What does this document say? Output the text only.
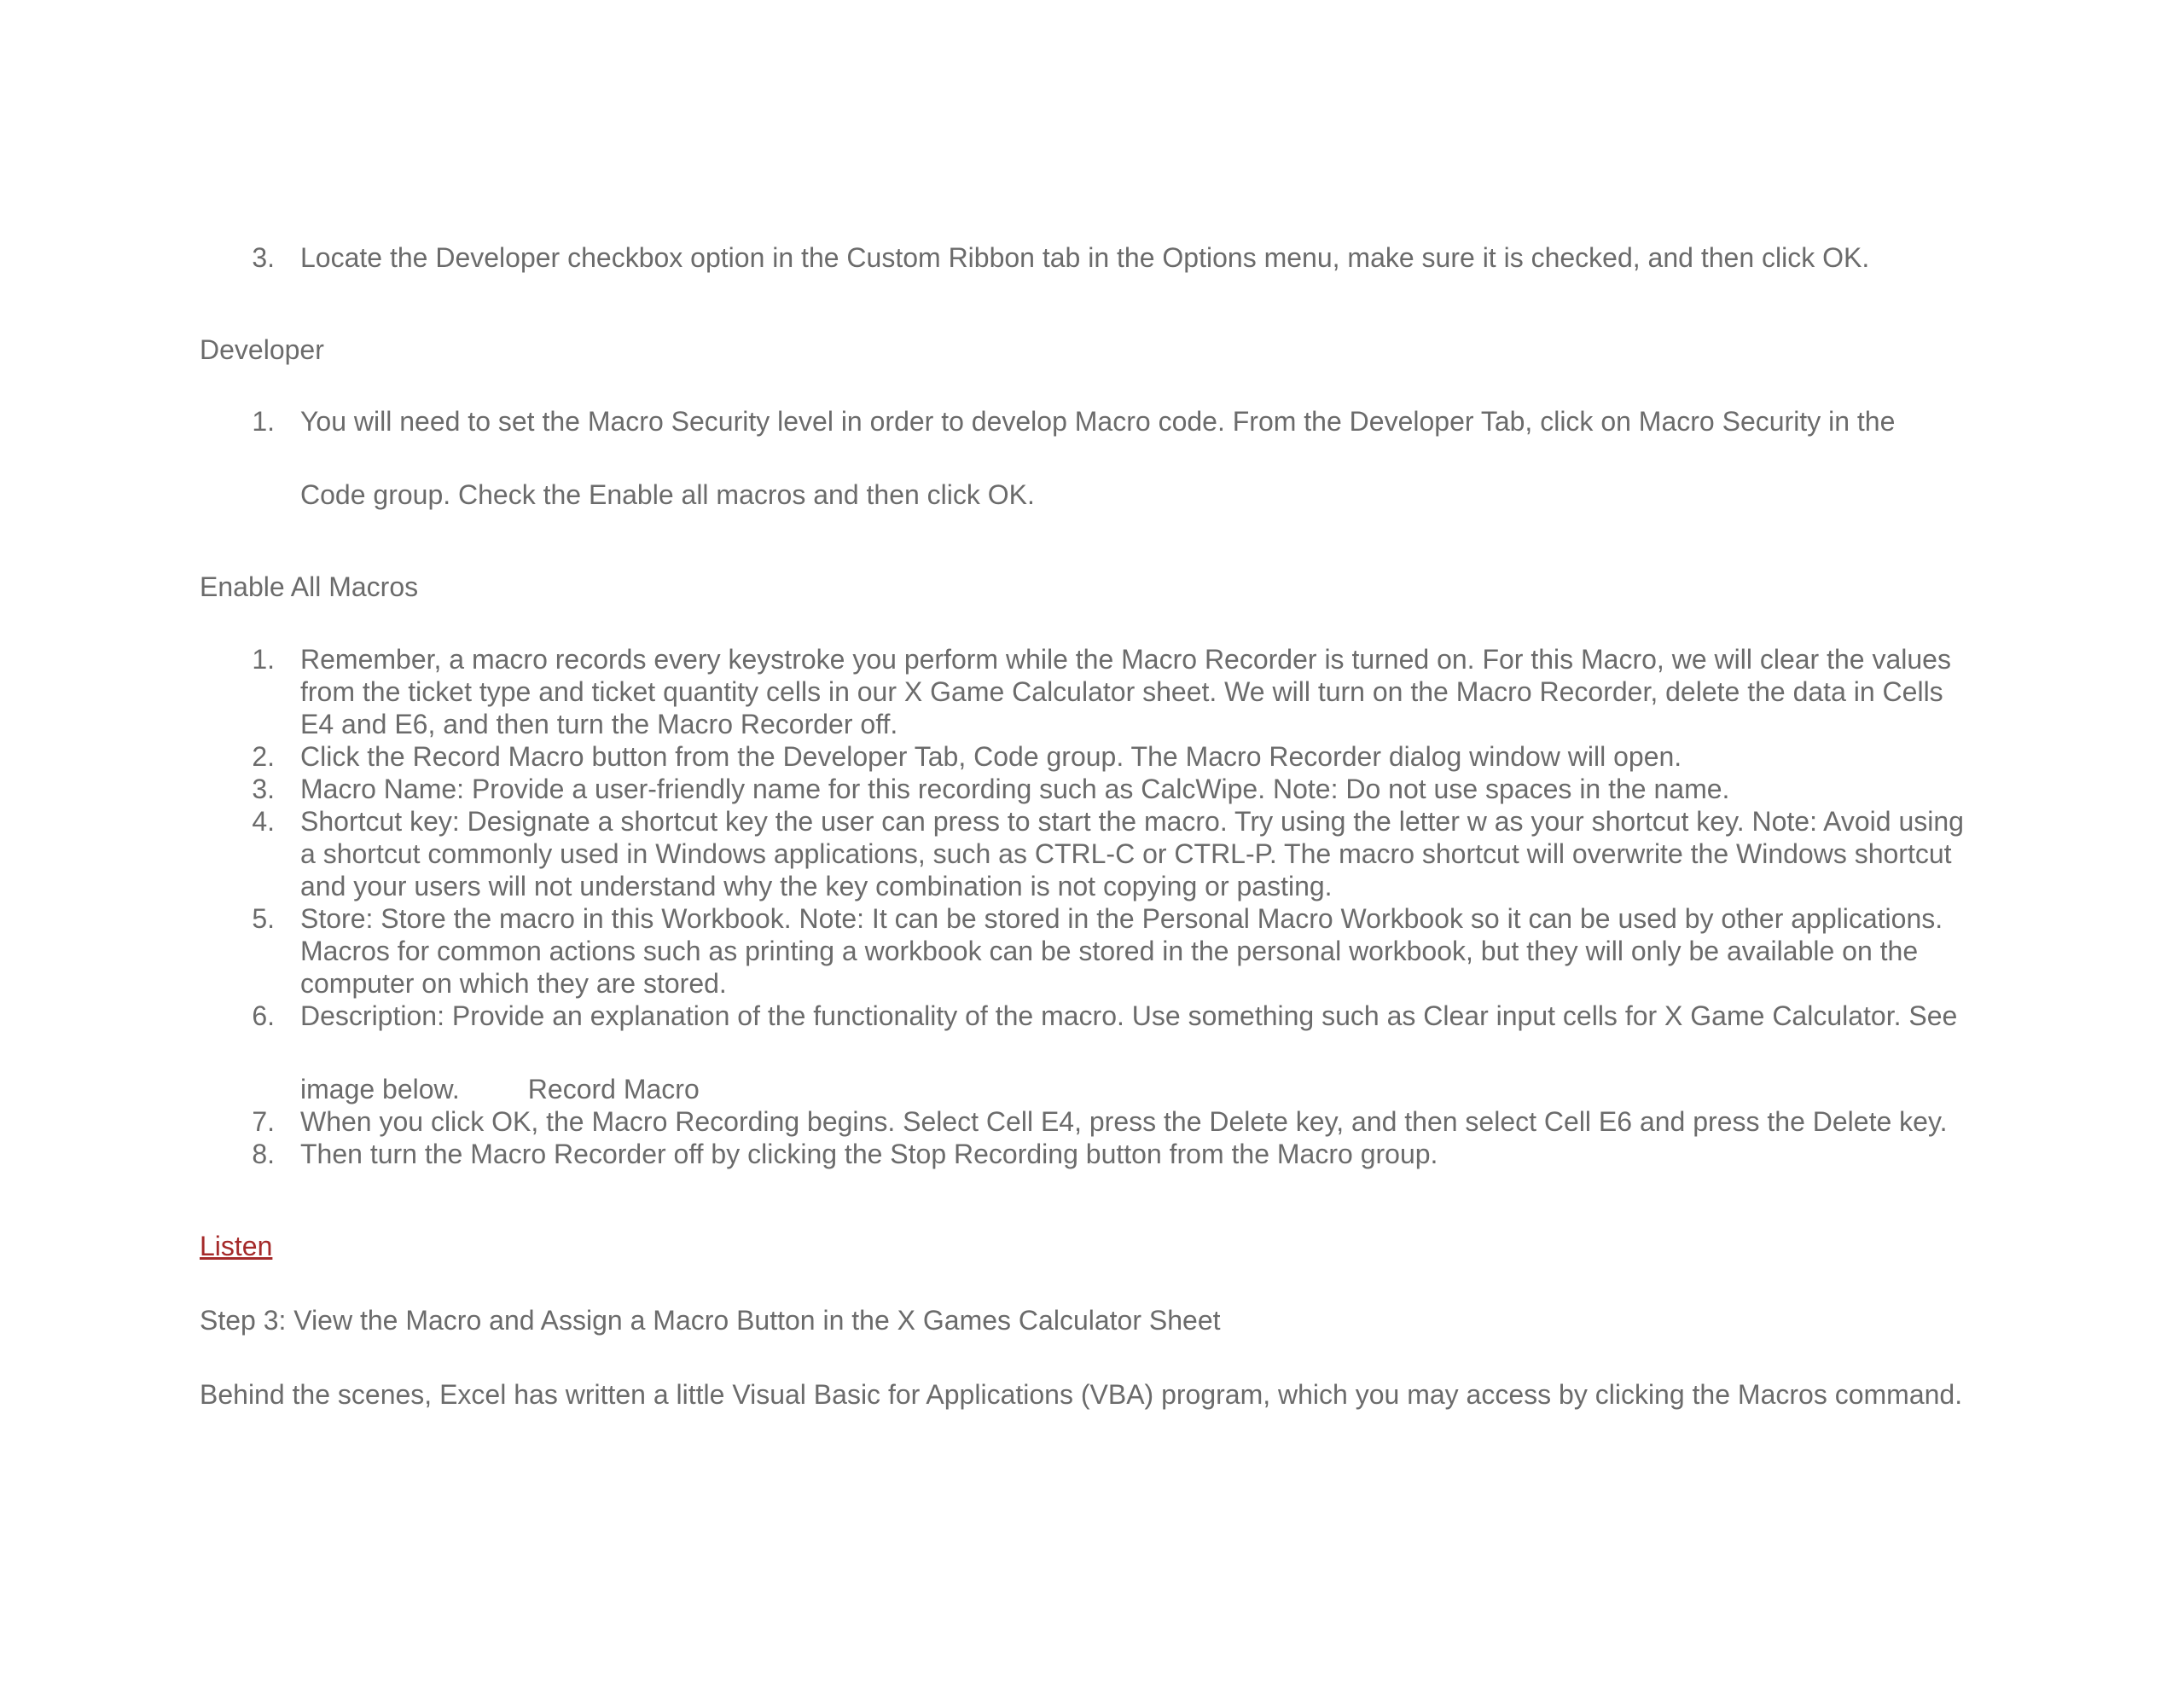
3. Locate the Developer checkbox option in the Custom Ribbon tab in the Options menu, make sure it is checked, and then click OK.
Developer
1. You will need to set the Macro Security level in order to develop Macro code. From the Developer Tab, click on Macro Security in the
Code group. Check the Enable all macros and then click OK.
Enable All Macros
1. Remember, a macro records every keystroke you perform while the Macro Recorder is turned on. For this Macro, we will clear the values
from the ticket type and ticket quantity cells in our X Game Calculator sheet. We will turn on the Macro Recorder, delete the data in Cells
E4 and E6, and then turn the Macro Recorder off.
2. Click the Record Macro button from the Developer Tab, Code group. The Macro Recorder dialog window will open.
3. Macro Name: Provide a user-friendly name for this recording such as CalcWipe. Note: Do not use spaces in the name.
4. Shortcut key: Designate a shortcut key the user can press to start the macro. Try using the letter w as your shortcut key. Note: Avoid using
a shortcut commonly used in Windows applications, such as CTRL-C or CTRL-P. The macro shortcut will overwrite the Windows shortcut
and your users will not understand why the key combination is not copying or pasting.
5. Store: Store the macro in this Workbook. Note: It can be stored in the Personal Macro Workbook so it can be used by other applications.
Macros for common actions such as printing a workbook can be stored in the personal workbook, but they will only be available on the
computer on which they are stored.
6. Description: Provide an explanation of the functionality of the macro. Use something such as Clear input cells for X Game Calculator. See
image below.	Record Macro
7. When you click OK, the Macro Recording begins. Select Cell E4, press the Delete key, and then select Cell E6 and press the Delete key.
8. Then turn the Macro Recorder off by clicking the Stop Recording button from the Macro group.
Listen
Step 3: View the Macro and Assign a Macro Button in the X Games Calculator Sheet
Behind the scenes, Excel has written a little Visual Basic for Applications (VBA) program, which you may access by clicking the Macros command.
